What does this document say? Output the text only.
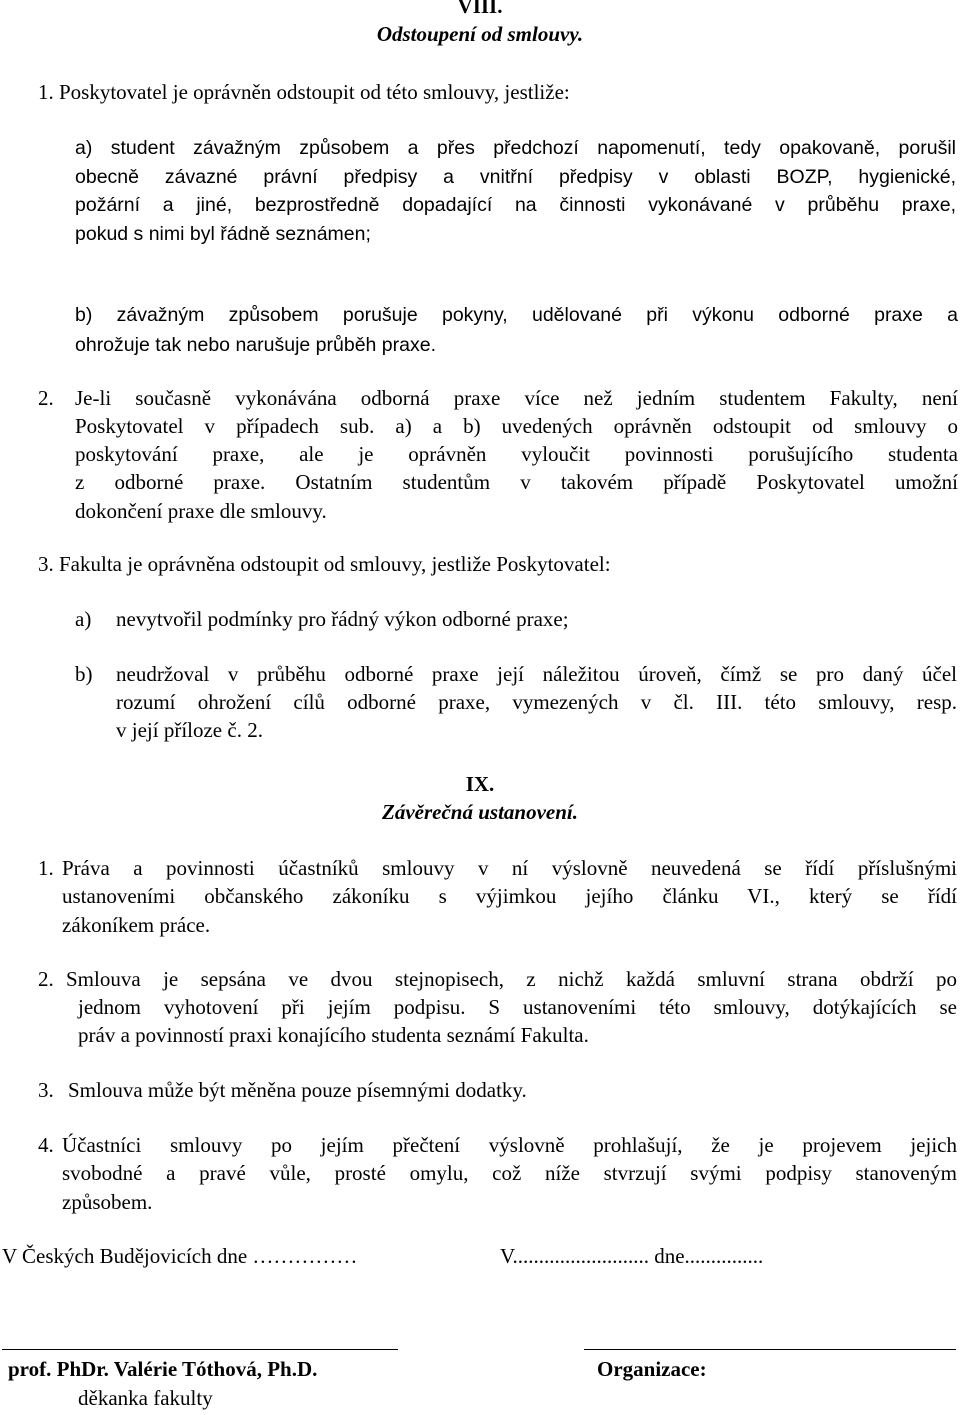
VIII.
Odstoupení od smlouvy.
1. Poskytovatel je oprávněn odstoupit od této smlouvy, jestliže:
a) student závažným způsobem a přes předchozí napomenutí, tedy opakovaně, porušil
obecně závazné právní předpisy a vnitřní předpisy v oblasti BOZP, hygienické,
požární a jiné, bezprostředně dopadající na činnosti vykonávané v průběhu praxe,
pokud s nimi byl řádně seznámen;
b) závažným způsobem porušuje pokyny, udělované při výkonu odborné praxe a
ohrožuje tak nebo narušuje průběh praxe.
2. Je-li současně vykonávána odborná praxe více než jedním studentem Fakulty, není
Poskytovatel v případech sub. a) a b) uvedených oprávněn odstoupit od smlouvy o
poskytování praxe, ale je oprávněn vyloučit povinnosti porušujícího studenta
z odborné praxe. Ostatním studentům v takovém případě Poskytovatel umožní
dokončení praxe dle smlouvy.
3. Fakulta je oprávněna odstoupit od smlouvy, jestliže Poskytovatel:
a) nevytvořil podmínky pro řádný výkon odborné praxe;
b) neudržoval v průběhu odborné praxe její náležitou úroveň, čímž se pro daný účel
rozumí ohrožení cílů odborné praxe, vymezených v čl. III. této smlouvy, resp.
v její příloze č. 2.
IX.
Závěrečná ustanovení.
1. Práva a povinnosti účastníků smlouvy v ní výslovně neuvedená se řídí příslušnými
ustanoveními občanského zákoníku s výjimkou jejího článku VI., který se řídí
zákoníkem práce.
2. Smlouva je sepsána ve dvou stejnopisech, z nichž každá smluvní strana obdrží po
jednom vyhotovení při jejím podpisu. S ustanoveními této smlouvy, dotýkajících se
práv a povinností praxi konajícího studenta seznámí Fakulta.
3. Smlouva může být měněna pouze písemnými dodatky.
4. Účastníci smlouvy po jejím přečtení výslovně prohlašují, že je projevem jejich
svobodné a pravé vůle, prosté omylu, což níže stvrzují svými podpisy stanoveným
způsobem.
V Českých Budějovicích dne ……………	V.......................... dne...............
prof. PhDr. Valérie Tóthová, Ph.D.
děkanka fakulty
Organizace:
